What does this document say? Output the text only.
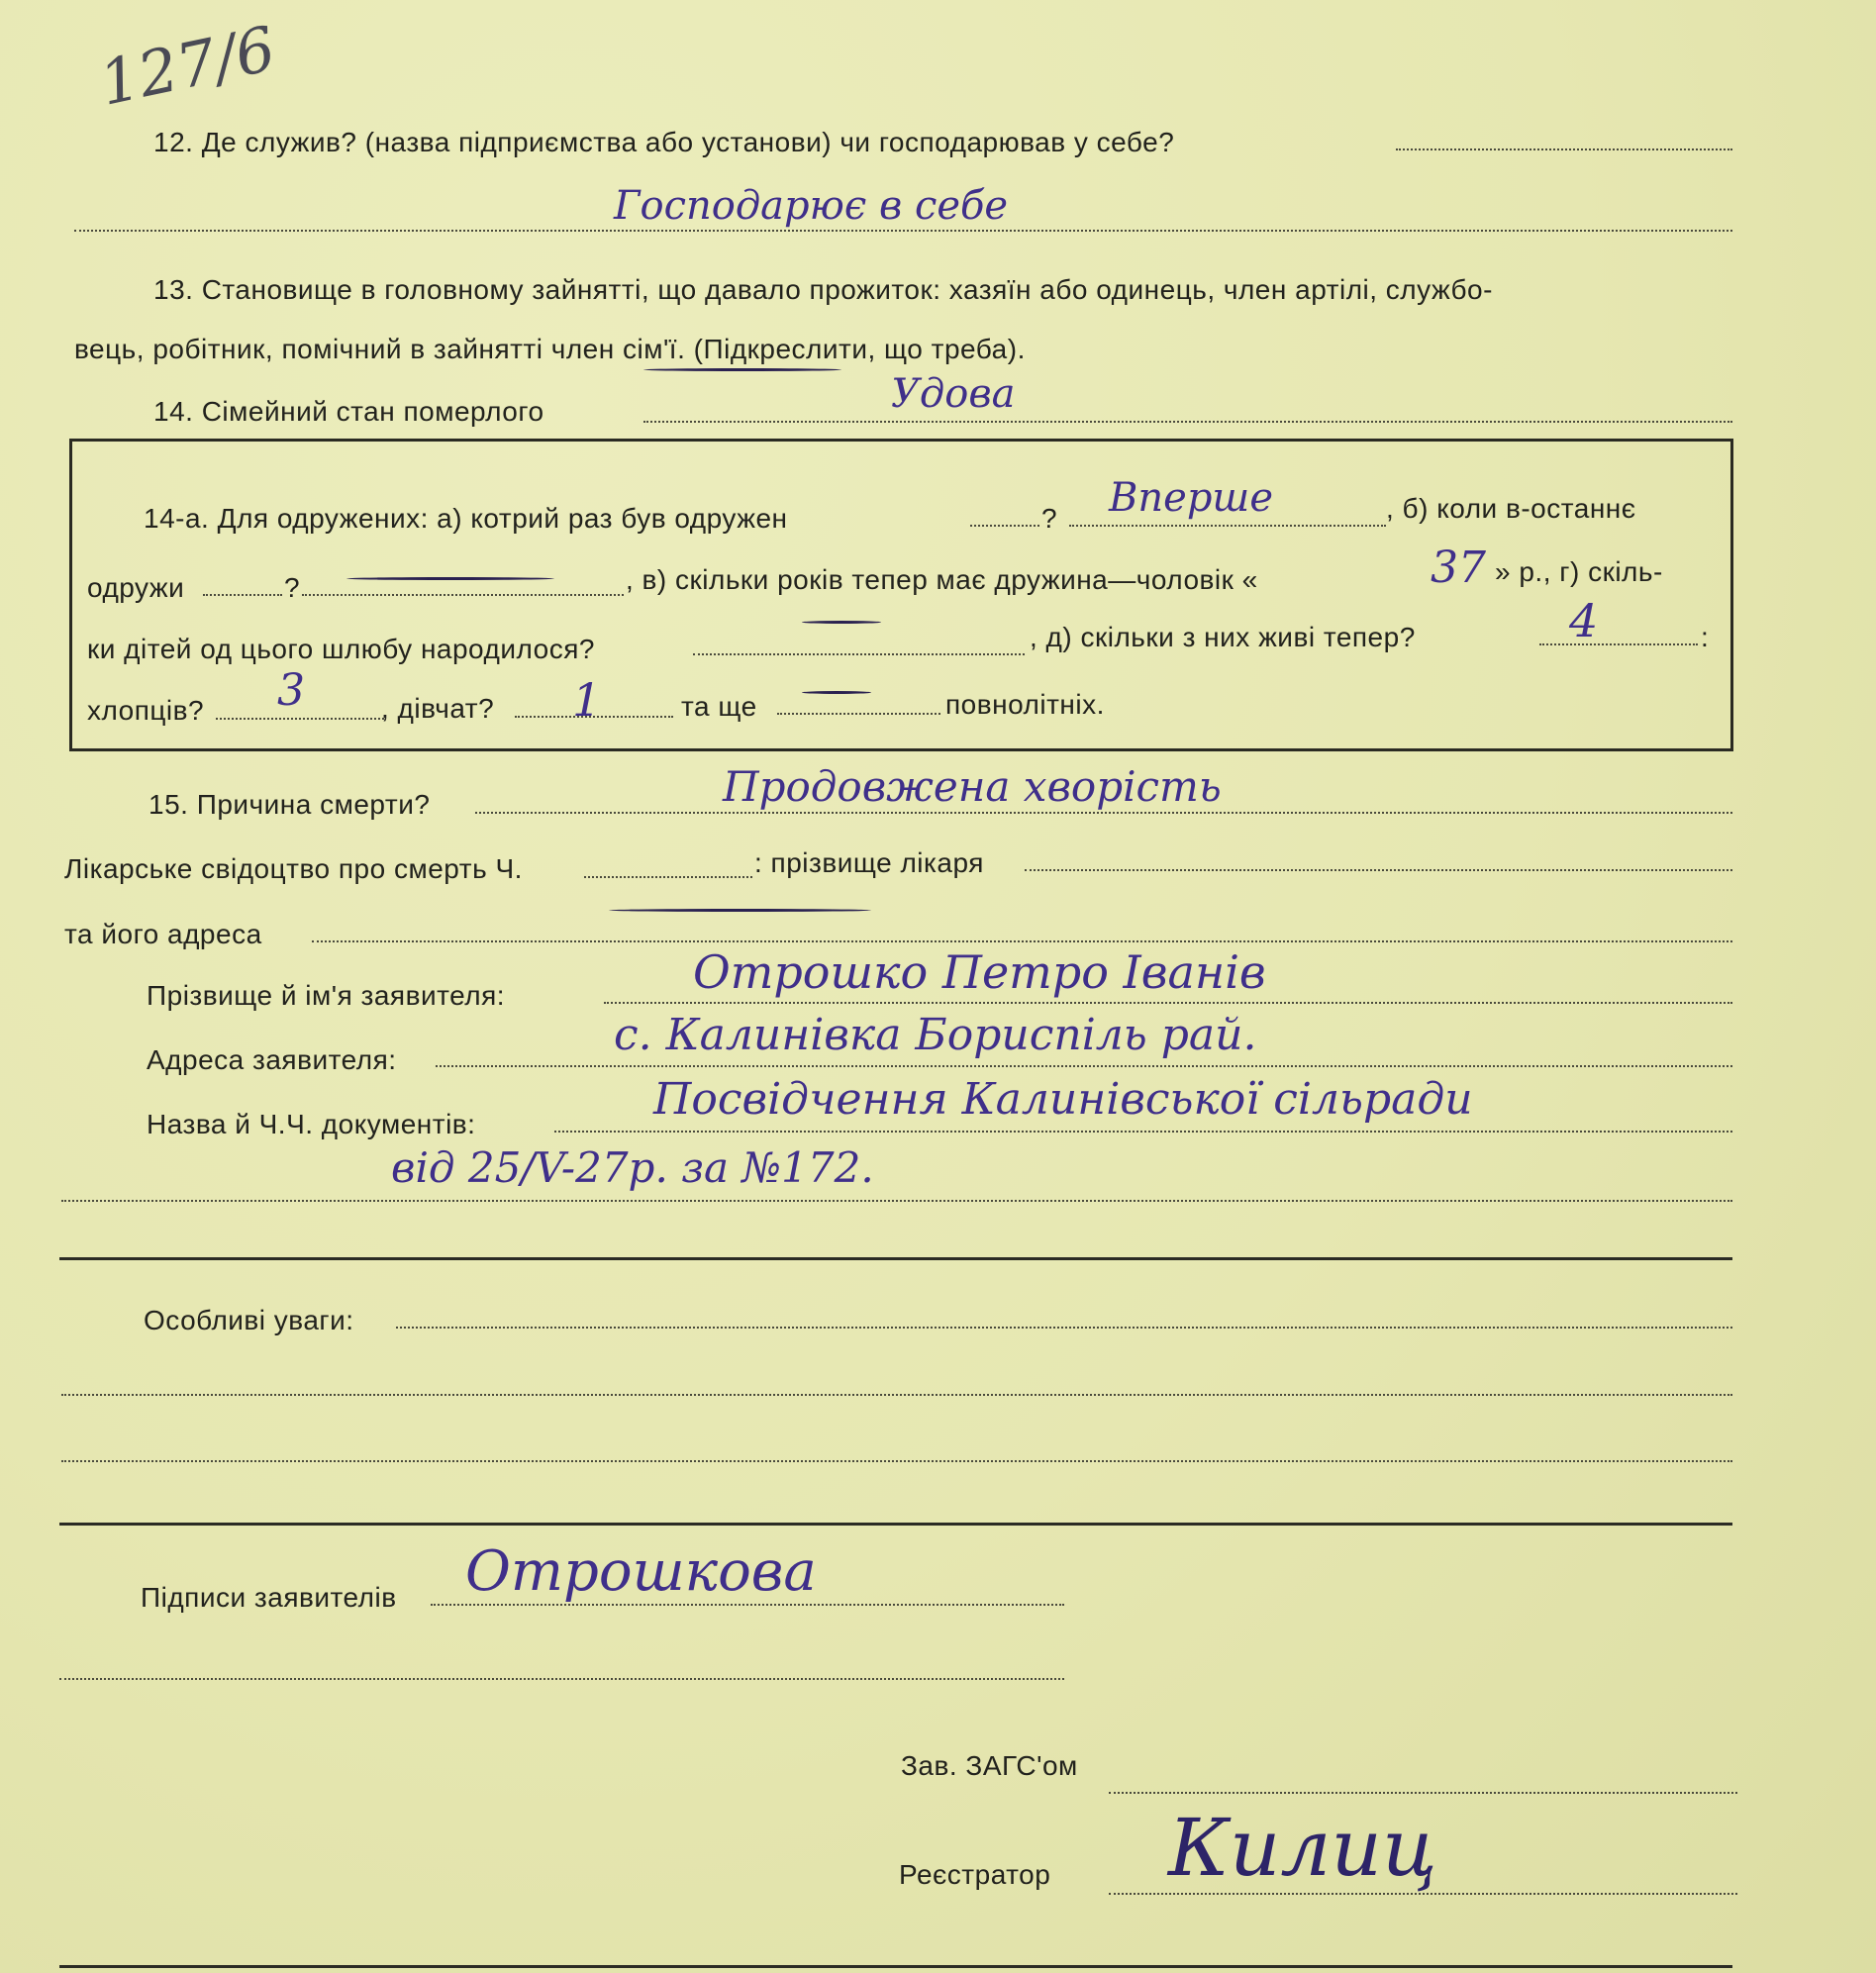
127/6
12. Де служив? (назва підприємства або установи) чи господарював у себе?
Господарює в себе
13. Становище в головному зайнятті, що давало прожиток: хазяїн або одинець, член артілі, службо-
вець, робітник, помічний в зайнятті член сім'ї. (Підкреслити, що треба).
14. Сімейний стан померлого	Удова
14-а. Для одружених: а) котрий раз був одружен	? Вперше	, б) коли в-останнє
одружи	?	, в) скільки років тепер має дружина—чоловік «	37 » р., г) скіль-
ки дітей од цього шлюбу народилося?	, д) скільки з них живі тепер?	4	:
хлопців? 3	, дівчат? 1	та ще	повнолітніх.
15. Причина смерти?	Продовжена хворість
Лікарське свідоцтво про смерть Ч.	: прізвище лікаря
та його адреса
Прізвище й ім'я заявителя:	Отрошко Петро Іванів
Адреса заявителя:	с. Калинівка Бориспіль рай.
Назва й Ч.Ч. документів:	Посвідчення Калинівської сільради
від 25/V-27р. за №172.
Особливі уваги:
Підписи заявителів Отрошкова
Зав. ЗАГС'ом
Реєстратор Килиц
